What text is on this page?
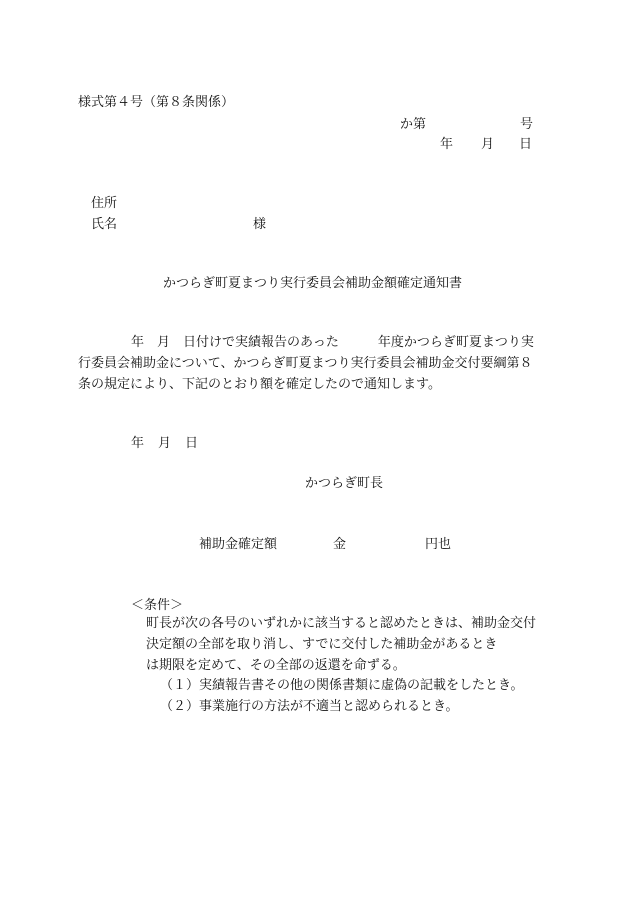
様式第４号（第８条関係）
か第	号
年 月 日
住所
氏名	様
かつらぎ町夏まつり実行委員会補助金額確定通知書
年　月　日付けで実績報告のあった　　　年度かつらぎ町夏まつり実
行委員会補助金について、かつらぎ町夏まつり実行委員会補助金交付要綱第８
条の規定により、下記のとおり額を確定したので通知します。
年 月 日
かつらぎ町長
補助金確定額	金	円也
＜条件＞
町長が次の各号のいずれかに該当すると認めたときは、補助金交付
決定額の全部を取り消し、すでに交付した補助金があるとき
は期限を定めて、その全部の返還を命ずる。
（１）実績報告書その他の関係書類に虚偽の記載をしたとき。
（２）事業施行の方法が不適当と認められるとき。
